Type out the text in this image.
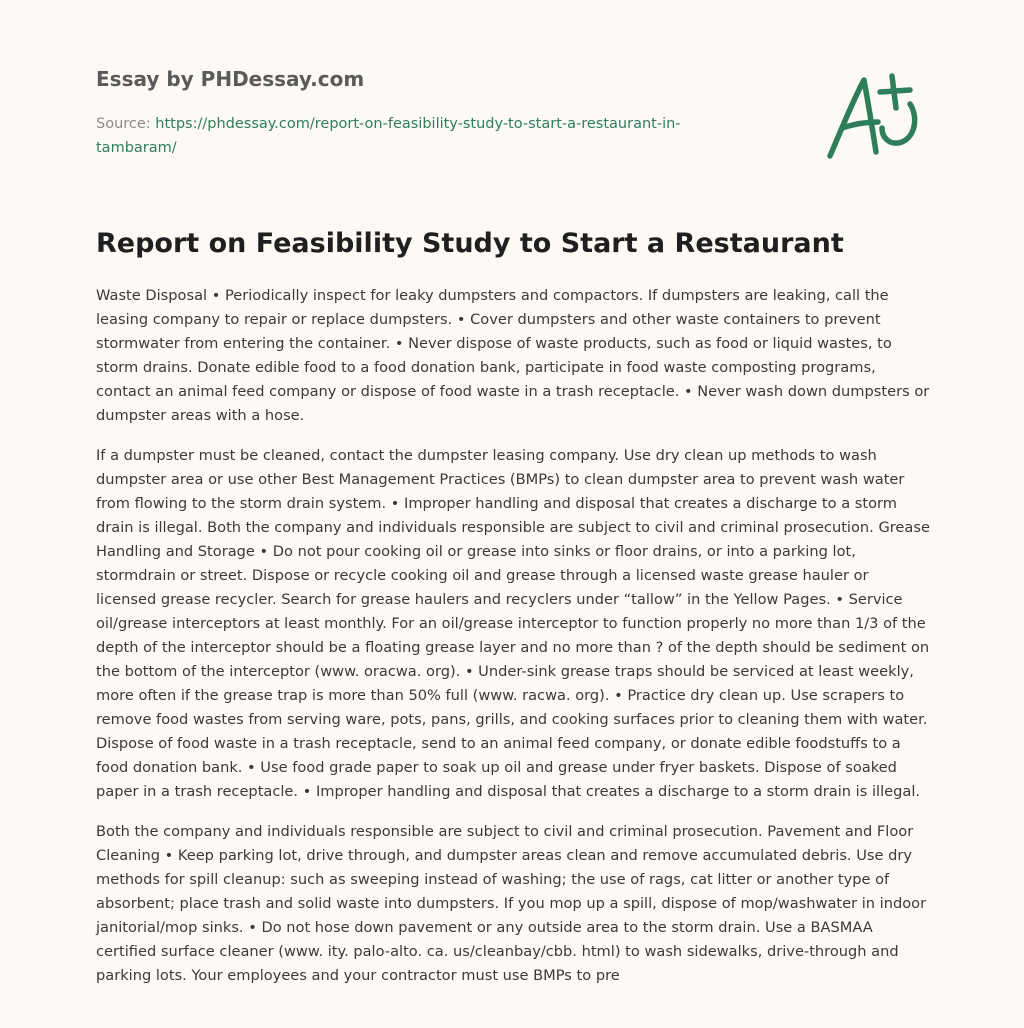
Essay by PHDessay.com

Source: https://phdessay.com/report-on-feasibility-study-to-start-a-restaurant-in-tambaram/
Report on Feasibility Study to Start a Restaurant

Waste Disposal • Periodically inspect for leaky dumpsters and compactors. If dumpsters are leaking, call the leasing company to repair or replace dumpsters. • Cover dumpsters and other waste containers to prevent stormwater from entering the container. • Never dispose of waste products, such as food or liquid wastes, to storm drains. Donate edible food to a food donation bank, participate in food waste composting programs, contact an animal feed company or dispose of food waste in a trash receptacle. • Never wash down dumpsters or dumpster areas with a hose.

If a dumpster must be cleaned, contact the dumpster leasing company. Use dry clean up methods to wash dumpster area or use other Best Management Practices (BMPs) to clean dumpster area to prevent wash water from flowing to the storm drain system. • Improper handling and disposal that creates a discharge to a storm drain is illegal. Both the company and individuals responsible are subject to civil and criminal prosecution. Grease Handling and Storage • Do not pour cooking oil or grease into sinks or floor drains, or into a parking lot, stormdrain or street. Dispose or recycle cooking oil and grease through a licensed waste grease hauler or licensed grease recycler. Search for grease haulers and recyclers under “tallow” in the Yellow Pages. • Service oil/grease interceptors at least monthly. For an oil/grease interceptor to function properly no more than 1/3 of the depth of the interceptor should be a floating grease layer and no more than ? of the depth should be sediment on the bottom of the interceptor (www. oracwa. org). • Under-sink grease traps should be serviced at least weekly, more often if the grease trap is more than 50% full (www. racwa. org). • Practice dry clean up. Use scrapers to remove food wastes from serving ware, pots, pans, grills, and cooking surfaces prior to cleaning them with water. Dispose of food waste in a trash receptacle, send to an animal feed company, or donate edible foodstuffs to a food donation bank. • Use food grade paper to soak up oil and grease under fryer baskets. Dispose of soaked paper in a trash receptacle. • Improper handling and disposal that creates a discharge to a storm drain is illegal.

Both the company and individuals responsible are subject to civil and criminal prosecution. Pavement and Floor Cleaning • Keep parking lot, drive through, and dumpster areas clean and remove accumulated debris. Use dry methods for spill cleanup: such as sweeping instead of washing; the use of rags, cat litter or another type of absorbent; place trash and solid waste into dumpsters. If you mop up a spill, dispose of mop/washwater in indoor janitorial/mop sinks. • Do not hose down pavement or any outside area to the storm drain. Use a BASMAA certified surface cleaner (www. ity. palo-alto. ca. us/cleanbay/cbb. html) to wash sidewalks, drive-through and parking lots. Your employees and your contractor must use BMPs to pre
